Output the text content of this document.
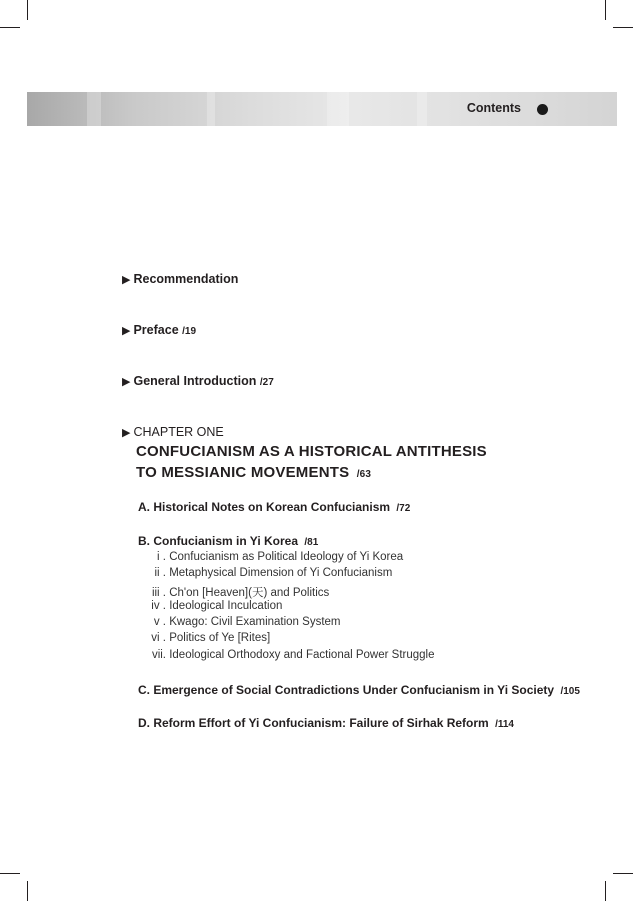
Contents
▶ Recommendation
▶ Preface /19
▶ General Introduction /27
▶ CHAPTER ONE
CONFUCIANISM AS A HISTORICAL ANTITHESIS
TO MESSIANIC MOVEMENTS /63
A. Historical Notes on Korean Confucianism /72
B. Confucianism in Yi Korea /81
i . Confucianism as Political Ideology of Yi Korea
ii . Metaphysical Dimension of Yi Confucianism
iii . Ch'on [Heaven](天) and Politics
iv . Ideological Inculcation
v . Kwago: Civil Examination System
vi . Politics of Ye [Rites]
vii. Ideological Orthodoxy and Factional Power Struggle
C. Emergence of Social Contradictions Under Confucianism in Yi Society /105
D. Reform Effort of Yi Confucianism: Failure of Sirhak Reform /114
